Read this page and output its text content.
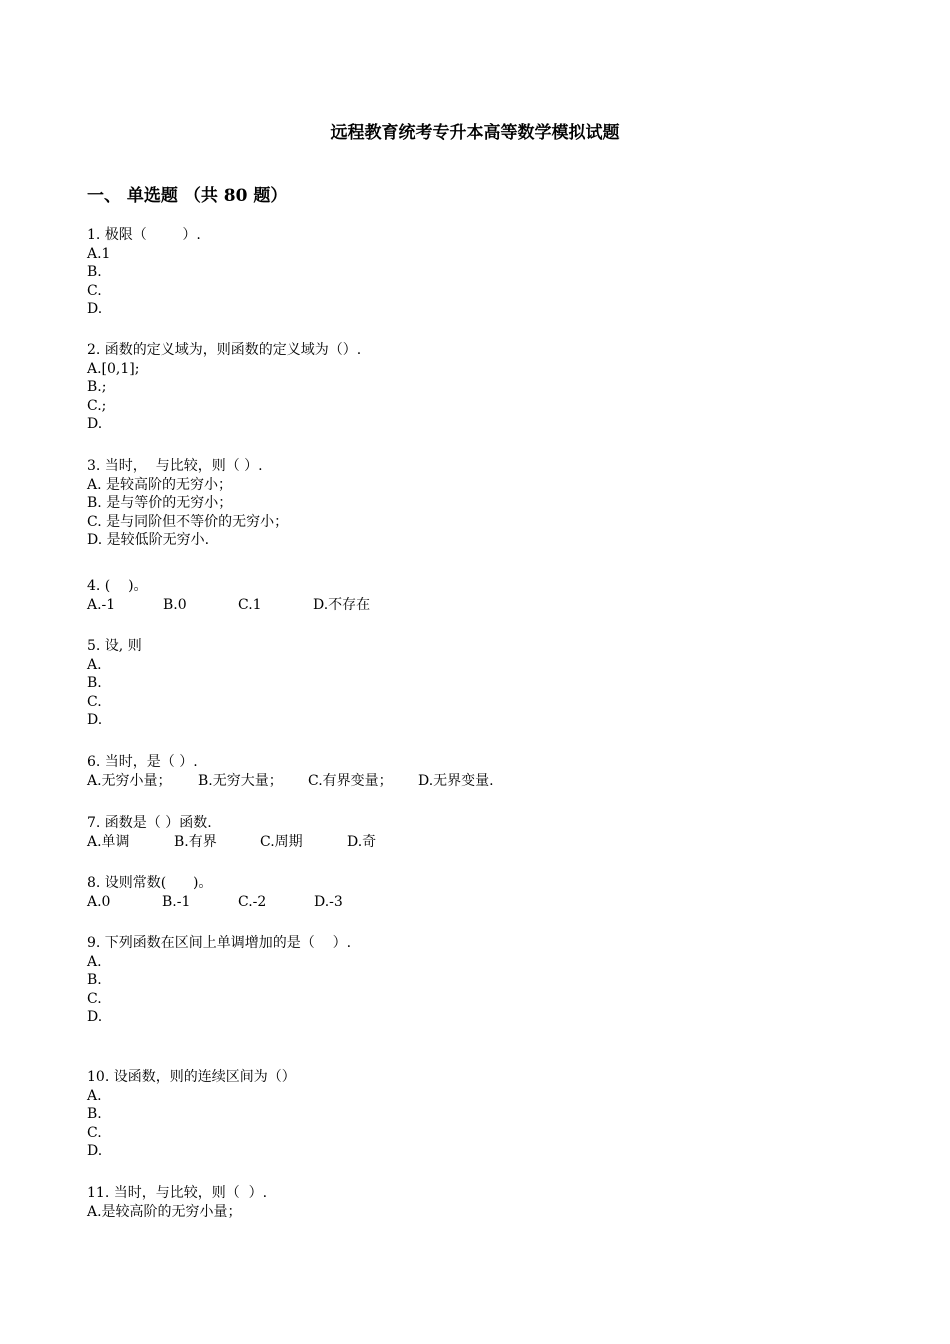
远程教育统考专升本高等数学模拟试题
一、 单选题 （共 80 题）
1. 极限（        ）.
A.1
B.
C.
D.
2. 函数的定义域为，则函数的定义域为（）.
A.[0,1];
B.;
C.;
D.
3. 当时，  与比较，则（ ）.
A. 是较高阶的无穷小；
B. 是与等价的无穷小；
C. 是与同阶但不等价的无穷小；
D. 是较低阶无穷小.
4. (    )。
A.-1	B.0	C.1	D.不存在
5. 设, 则
A.
B.
C.
D.
6. 当时，是（ ）.
A.无穷小量；	B.无穷大量；	C.有界变量；	D.无界变量.
7. 函数是（ ）函数.
A.单调	B.有界	C.周期	D.奇
8. 设则常数(      )。
A.0	B.-1	C.-2	D.-3
9. 下列函数在区间上单调增加的是（    ）.
A.
B.
C.
D.
10. 设函数，则的连续区间为（）
A.
B.
C.
D.
11. 当时，与比较，则（  ）.
A.是较高阶的无穷小量；
